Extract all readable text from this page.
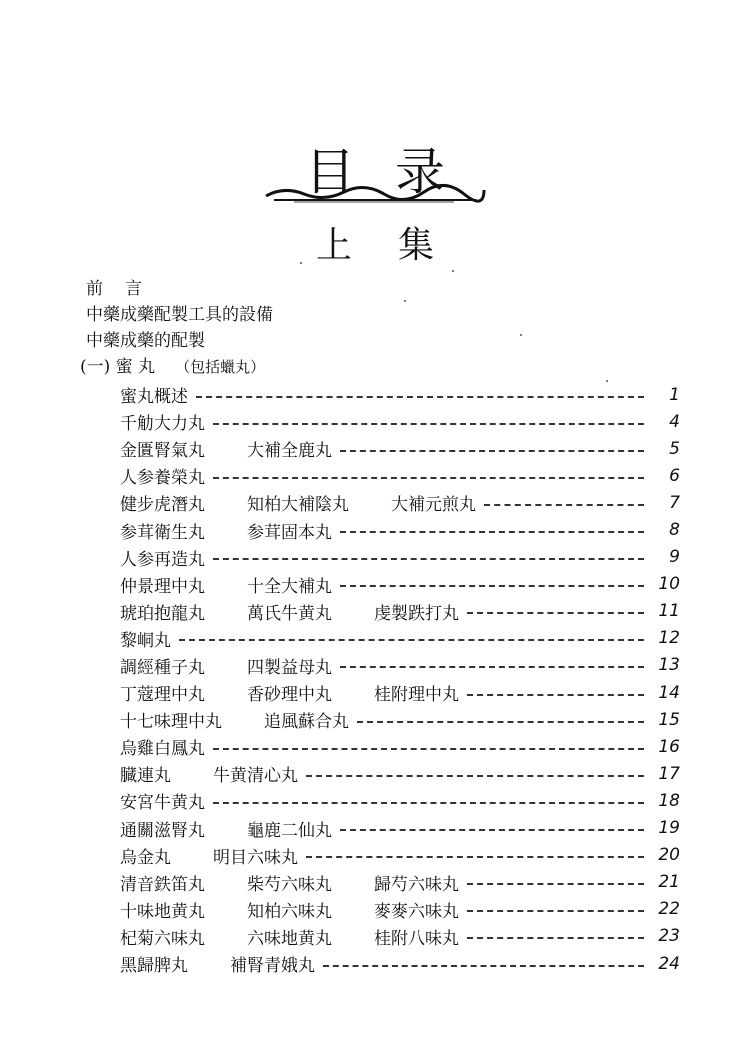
目录
上集
前言
中藥成藥配製工具的設備
中藥成藥的配製
(一) 蜜 丸 （包括蠟丸）
蜜丸概述	1
千觔大力丸	4
金匱腎氣丸 大補全鹿丸	5
人参養榮丸	6
健步虎潛丸 知柏大補陰丸 大補元煎丸	7
参茸衛生丸 参茸固本丸	8
人参再造丸	9
仲景理中丸 十全大補丸	10
琥珀抱龍丸 萬氏牛黄丸 虔製跌打丸	11
黎峒丸	12
調經種子丸 四製益母丸	13
丁蔻理中丸 香砂理中丸 桂附理中丸	14
十七味理中丸 追風蘇合丸	15
烏雞白鳳丸	16
臓連丸 牛黄清心丸	17
安宮牛黄丸	18
通關滋腎丸 龜鹿二仙丸	19
烏金丸 明目六味丸	20
清音鉄笛丸 柴芍六味丸 歸芍六味丸	21
十味地黄丸 知柏六味丸 麥麥六味丸	22
杞菊六味丸 六味地黄丸 桂附八味丸	23
黑歸脾丸 補腎青娥丸	24
